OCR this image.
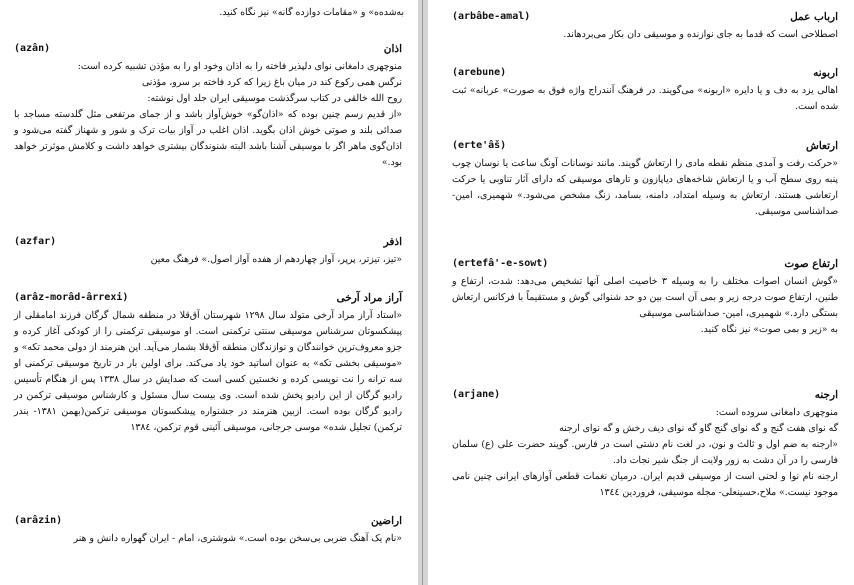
به‌شده‌ه» و «مقامات دوازده گانه» نیز نگاه کنید.
اذان
(azân)

منوچهری دامغانی نوای دلپذیر فاخته را به اذان وخود او را به مؤذن تشبیه کرده است:

نرگس همی رکوع کند در میان باغ زیرا که کرد فاخته بر سرو، مؤذنی

روح الله خالقی در کتاب سرگذشت موسیقی ایران جلد اول نوشته:

«از قدیم رسم چنین بوده که «اذان‌گو» خوش‌آواز باشد و از جمای مرتفعی مثل گلدسته مساجد با صدائی بلند و صوتی خوش اذان بگوید. اذان اغلب در آواز بیات ترک و شور و شهناز گفته می‌شود و اذان‌گوی ماهر اگر با موسیقی آشنا باشد البته شنوندگان بیشتری خواهد داشت و کلامش موثرتر خواهد بود.»

اذفر
(azfar)

«تیز، تیزتر، پرپر، آواز چهاردهم از هفده آواز اصول.» فرهنگ معین

آراز مراد آرخی
(arâz-morâd-ârrexi)

«استاد آراز مراد آرخی متولد سال ۱۲۹۸ شهرستان آق‌قلا در منطقه شمال گرگان فرزند امامقلی از پیشکسوتان سرشناس موسیقی سنتی ترکمنی است. او موسیقی ترکمنی را از کودکی آغاز کرده و جزو معروف‌ترین خوانندگان و نوازندگان منطقه آق‌قلا بشمار می‌آید. این هنرمند از دولی محمد تکه» و «موسیقی بخشی تکه» به عنوان اساتید خود یاد می‌کند. برای اولین بار در تاریخ موسیقی ترکمنی او سه ترانه را نت نویسی کرده و نخستین کسی است که صدایش در سال ۱۳۳۸ پس از هنگام تأسیس رادیو گرگان از این رادیو پخش شده است. وی بیست سال مسئول و کارشناس موسیقی ترکمن در رادیو گرگان بوده است. ازبین هنرمند در جشنواره پیشکسوتان موسیقی ترکمن(بهمن ۱۳۸۱- بندر ترکمن) تجلیل شده» موسی جرجانی، موسیقی آئینی قوم ترکمن، ۱۳۸٤

اراضین
(arâzin)

«نام یک آهنگ ضربی بی‌سخن بوده است.» شوشتری، امام - ایران گهواره دانش و هنر

ارباب عمل
(arbâbe-amal)

اصطلاحی است که قدما به جای نوازنده و موسیقی دان بکار می‌بردهاند.

اربونه
(arebune)

اهالی یزد به دف و یا دایره «اربونه» می‌گویند. در فرهنگ آنندراج واژه فوق به صورت» عربانه» ثبت شده است.

ارتعاش
(erte'âš)

«حرکت رفت و آمدی منظم نقطه مادی را ارتعاش گویند. مانند نوسانات آونگ ساعت یا نوسان چوب پنبه روی سطح آب و یا ارتعاش شاخه‌های دیاپازون و تارهای موسیقی که دارای آثار تناوبی یا حرکت ارتعاشی هستند. ارتعاش به وسیله امتداد، دامنه، بسامد، زنگ مشخص می‌شود.» شهمیری، امین- صداشناسی موسیقی.

ارتفاع صوت
(ertefâ'-e-sowt)

«گوش انسان اصوات مختلف را به وسیله ۳ خاصیت اصلی آنها تشخیص می‌دهد: شدت، ارتفاع و طنین، ارتفاع صوت درجه زیر و بمی آن است بین دو حد شنوائی گوش و مستقیماً با فرکانس ارتعاش بستگی دارد.» شهمیری، امین- صداشناسی موسیقی

به «زیر و بمی صوت» نیز نگاه کنید.

ارجنه
(arjane)

منوچهری دامغانی سروده است:

گه نوای هفت گنج و گه نوای گنج گاو گه نوای دیف رخش و گه نوای ارجنه

«ارجنه به ضم اول و ثالث و نون، در لغت نام دشتی است در فارس. گویند حضرت علی (ع) سلمان فارسی را در آن دشت به زور ولایت از جنگ شیر نجات داد.

ارجنه نام نوا و لحنی است از موسیقی قدیم ایران. درمیان نغمات قطعی آوازهای ایرانی چنین نامی موجود نیست.» ملاح،حسینعلی- مجله موسیقی، فروردین ۱۳٤٤
